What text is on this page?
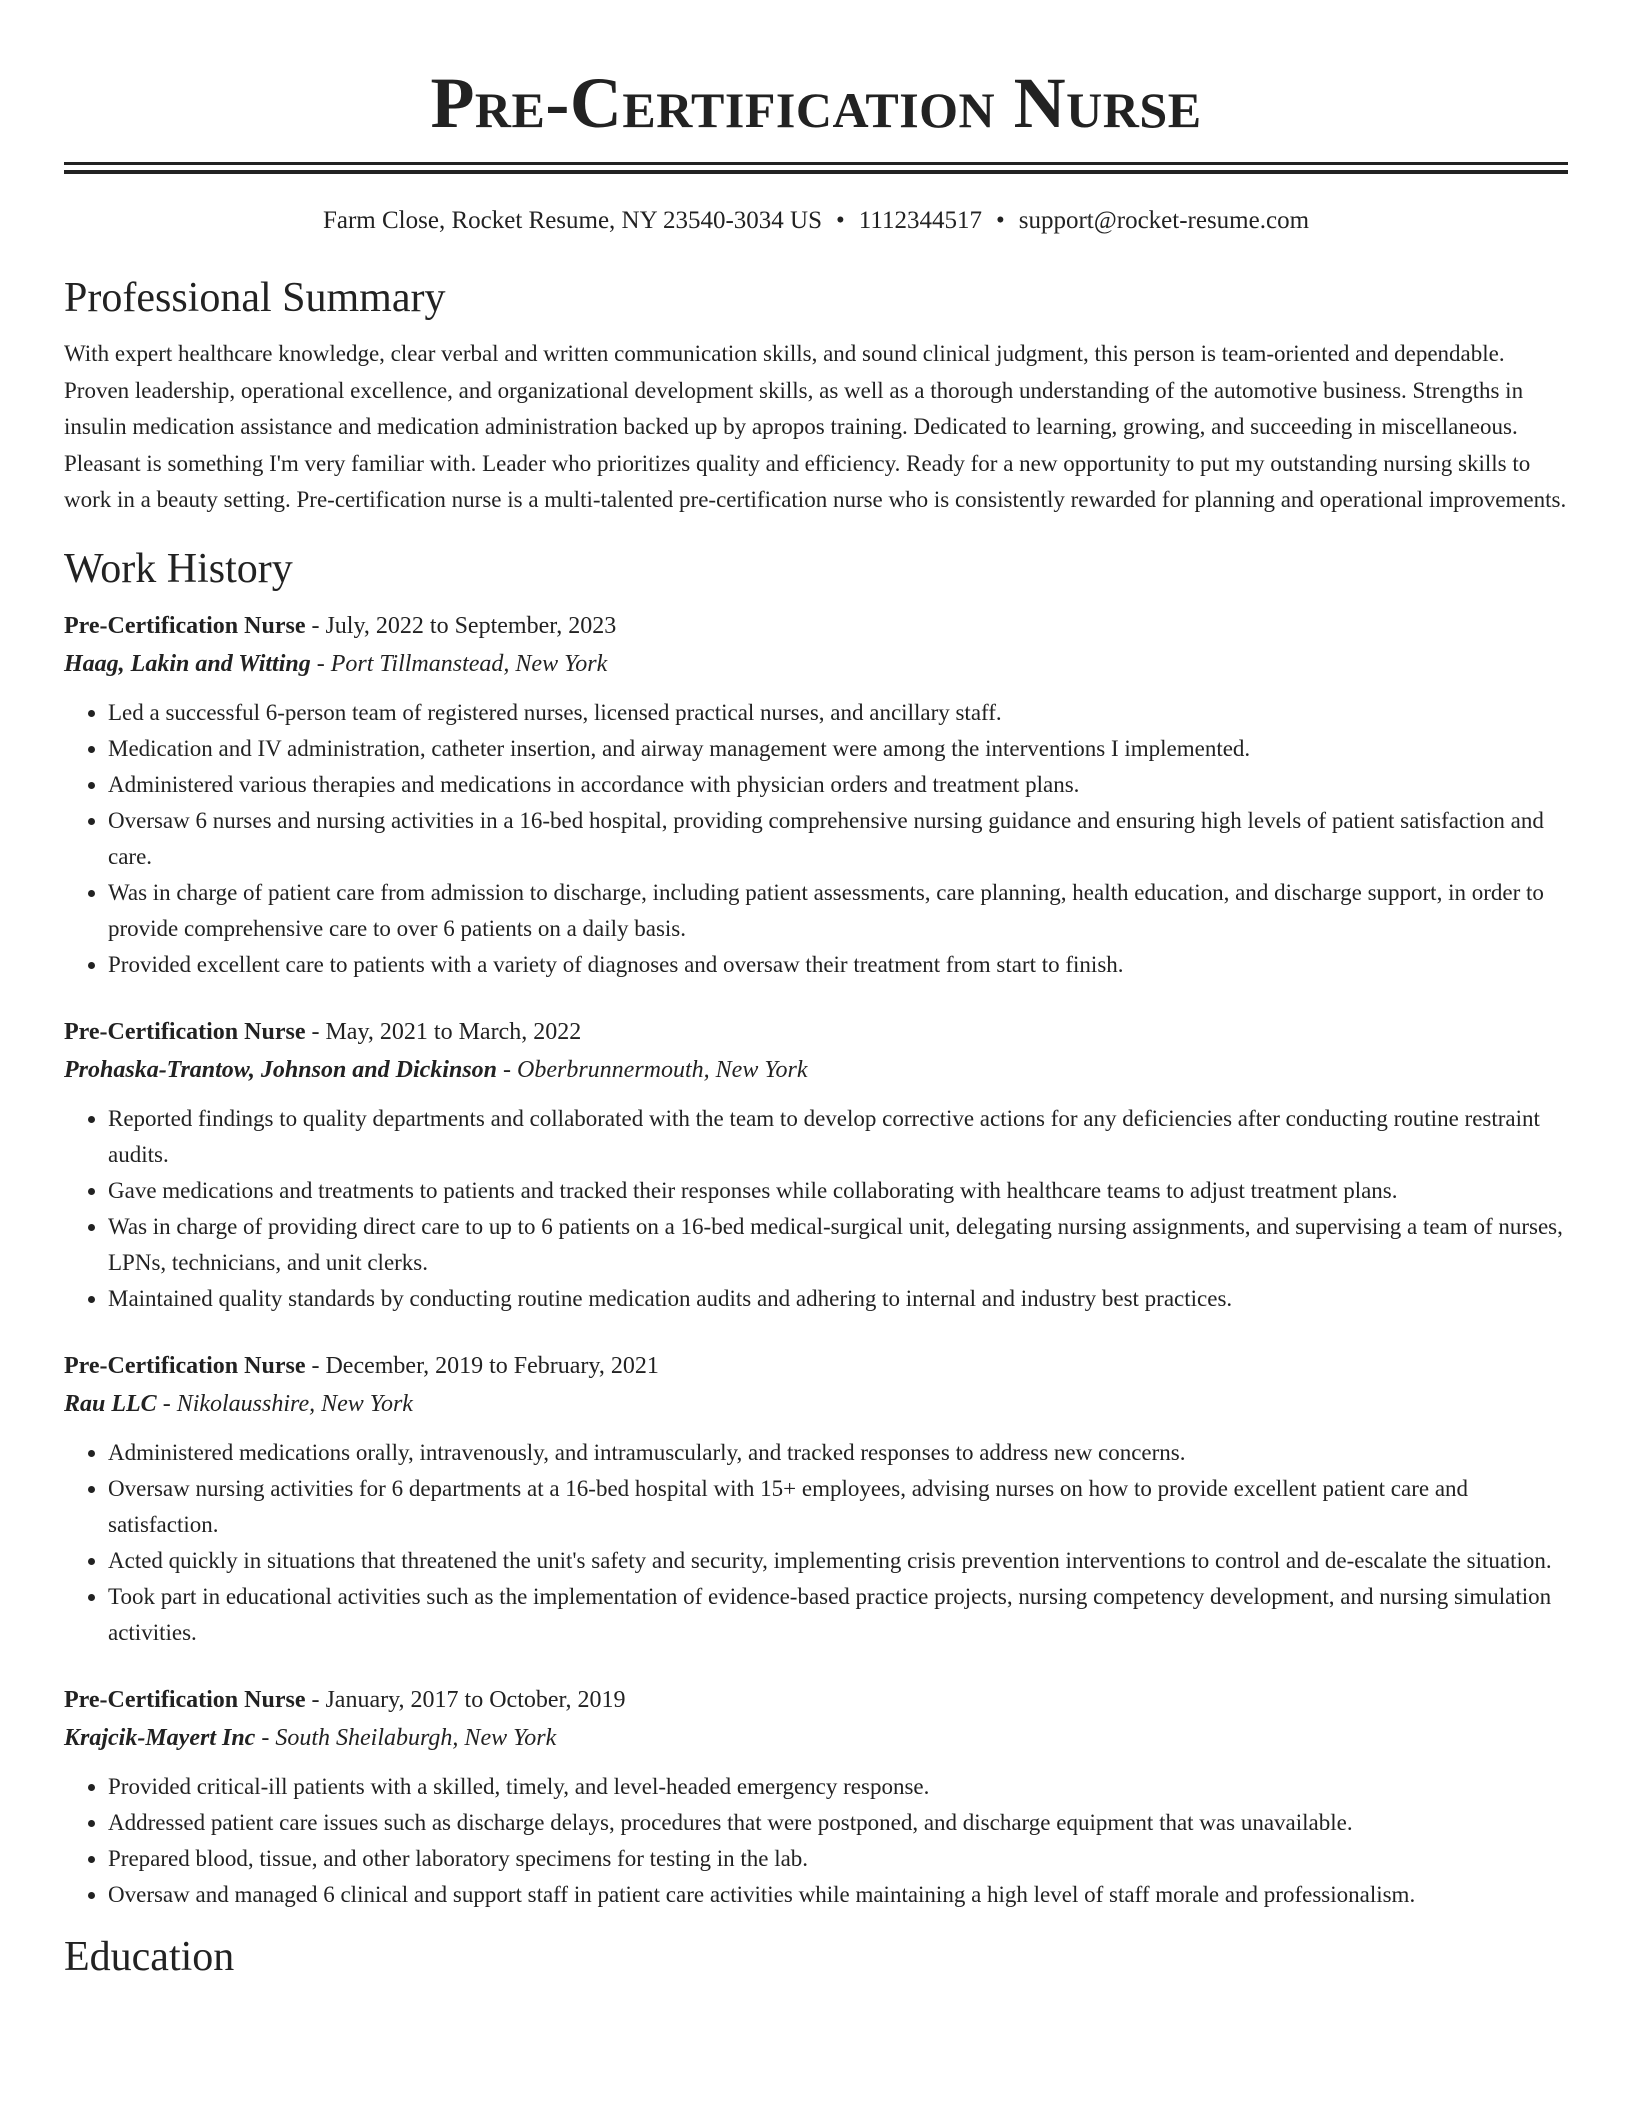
Pre-Certification Nurse
Farm Close, Rocket Resume, NY 23540-3034 US • 1112344517 • support@rocket-resume.com
Professional Summary

With expert healthcare knowledge, clear verbal and written communication skills, and sound clinical judgment, this person is team-oriented and dependable. Proven leadership, operational excellence, and organizational development skills, as well as a thorough understanding of the automotive business. Strengths in insulin medication assistance and medication administration backed up by apropos training. Dedicated to learning, growing, and succeeding in miscellaneous. Pleasant is something I'm very familiar with. Leader who prioritizes quality and efficiency. Ready for a new opportunity to put my outstanding nursing skills to work in a beauty setting. Pre-certification nurse is a multi-talented pre-certification nurse who is consistently rewarded for planning and operational improvements.

Work History
Pre-Certification Nurse - July, 2022 to September, 2023
Haag, Lakin and Witting - Port Tillmanstead, New York
• Led a successful 6-person team of registered nurses, licensed practical nurses, and ancillary staff.
• Medication and IV administration, catheter insertion, and airway management were among the interventions I implemented.
• Administered various therapies and medications in accordance with physician orders and treatment plans.
• Oversaw 6 nurses and nursing activities in a 16-bed hospital, providing comprehensive nursing guidance and ensuring high levels of patient satisfaction and care.
• Was in charge of patient care from admission to discharge, including patient assessments, care planning, health education, and discharge support, in order to provide comprehensive care to over 6 patients on a daily basis.
• Provided excellent care to patients with a variety of diagnoses and oversaw their treatment from start to finish.
Pre-Certification Nurse - May, 2021 to March, 2022
Prohaska-Trantow, Johnson and Dickinson - Oberbrunnermouth, New York
• Reported findings to quality departments and collaborated with the team to develop corrective actions for any deficiencies after conducting routine restraint audits.
• Gave medications and treatments to patients and tracked their responses while collaborating with healthcare teams to adjust treatment plans.
• Was in charge of providing direct care to up to 6 patients on a 16-bed medical-surgical unit, delegating nursing assignments, and supervising a team of nurses, LPNs, technicians, and unit clerks.
• Maintained quality standards by conducting routine medication audits and adhering to internal and industry best practices.
Pre-Certification Nurse - December, 2019 to February, 2021
Rau LLC - Nikolausshire, New York
• Administered medications orally, intravenously, and intramuscularly, and tracked responses to address new concerns.
• Oversaw nursing activities for 6 departments at a 16-bed hospital with 15+ employees, advising nurses on how to provide excellent patient care and satisfaction.
• Acted quickly in situations that threatened the unit's safety and security, implementing crisis prevention interventions to control and de-escalate the situation.
• Took part in educational activities such as the implementation of evidence-based practice projects, nursing competency development, and nursing simulation activities.
Pre-Certification Nurse - January, 2017 to October, 2019
Krajcik-Mayert Inc - South Sheilaburgh, New York
• Provided critical-ill patients with a skilled, timely, and level-headed emergency response.
• Addressed patient care issues such as discharge delays, procedures that were postponed, and discharge equipment that was unavailable.
• Prepared blood, tissue, and other laboratory specimens for testing in the lab.
• Oversaw and managed 6 clinical and support staff in patient care activities while maintaining a high level of staff morale and professionalism.
Education
